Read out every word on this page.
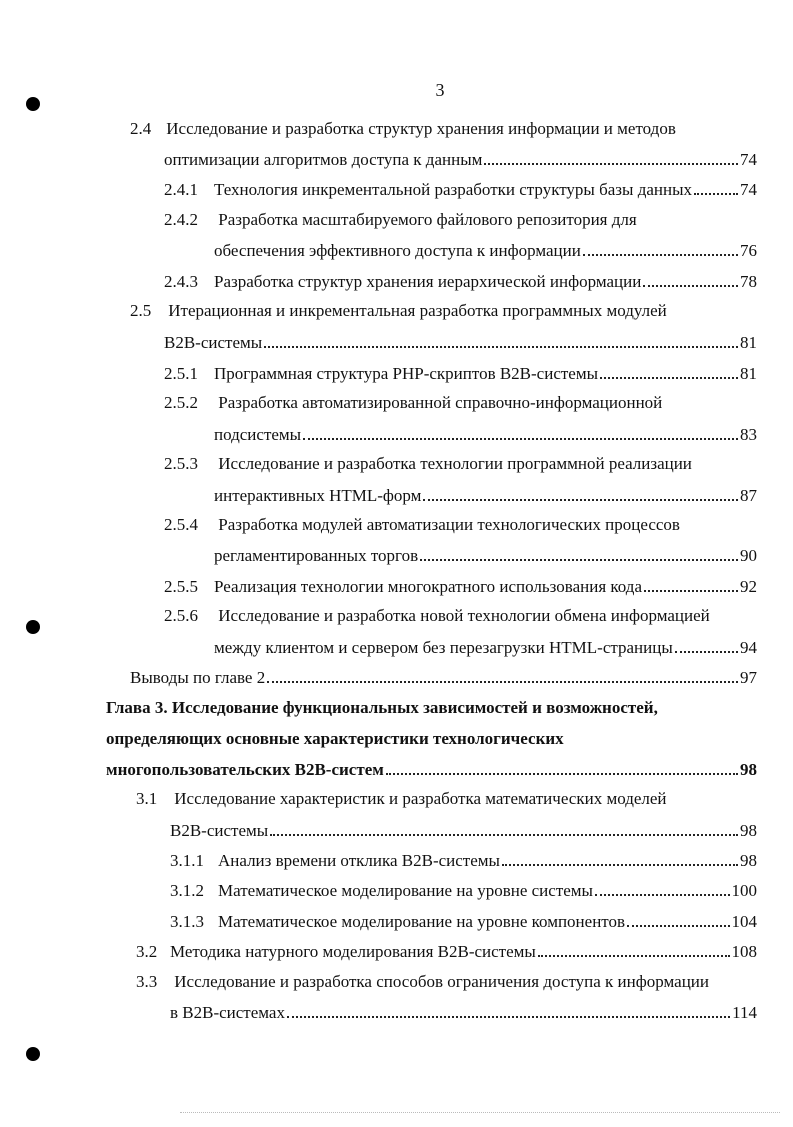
3
2.4 Исследование и разработка структур хранения информации и методов
оптимизации алгоритмов доступа к данным	74
2.4.1 Технология инкрементальной разработки структуры базы данных	74
2.4.2 Разработка масштабируемого файлового репозитория для
обеспечения эффективного доступа к информации	76
2.4.3 Разработка структур хранения иерархической информации	78
2.5 Итерационная и инкрементальная разработка программных модулей
B2B-системы	81
2.5.1 Программная структура PHP-скриптов B2B-системы	81
2.5.2 Разработка автоматизированной справочно-информационной
подсистемы	83
2.5.3 Исследование и разработка технологии программной реализации
интерактивных HTML-форм	87
2.5.4 Разработка модулей автоматизации технологических процессов
регламентированных торгов	90
2.5.5 Реализация технологии многократного использования кода	92
2.5.6 Исследование и разработка новой технологии обмена информацией
между клиентом и сервером без перезагрузки HTML-страницы	94
Выводы по главе 2	97
Глава 3. Исследование функциональных зависимостей и возможностей,
определяющих основные характеристики технологических
многопользовательских B2B-систем	98
3.1 Исследование характеристик и разработка математических моделей
B2B-системы	98
3.1.1 Анализ времени отклика B2B-системы	98
3.1.2 Математическое моделирование на уровне системы	100
3.1.3 Математическое моделирование на уровне компонентов	104
3.2 Методика натурного моделирования B2B-системы	108
3.3 Исследование и разработка способов ограничения доступа к информации
в B2B-системах	114
